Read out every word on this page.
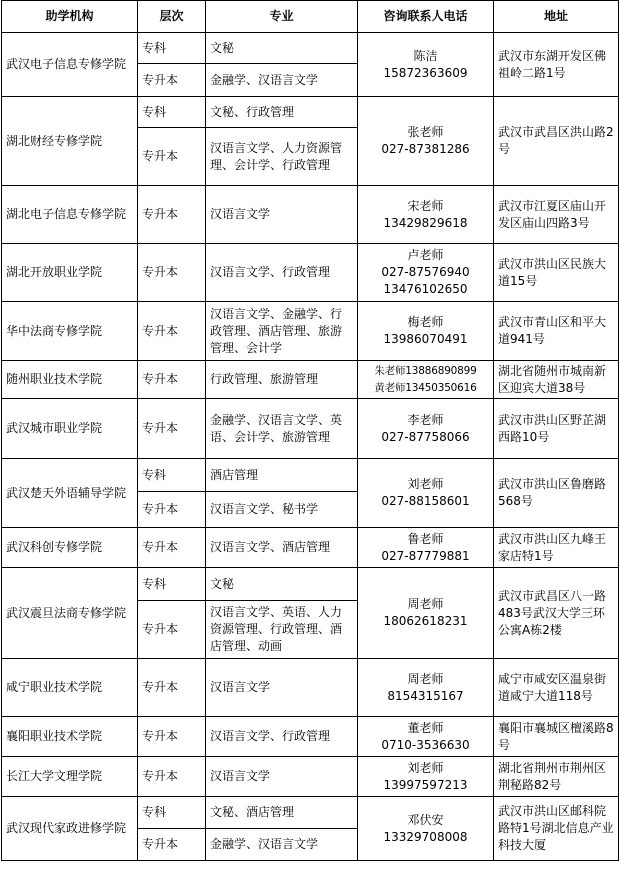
助学机构	层次	专业	咨询联系人电话	地址
武汉电子信息专修学院	专科	文秘	陈洁
15872363609	武汉市东湖开发区佛祖岭二路1号
	专升本	金融学、汉语言文学		
湖北财经专修学院	专科	文秘、行政管理	张老师
027-87381286	武汉市武昌区洪山路2号
	专升本	汉语言文学、人力资源管理、会计学、行政管理		
湖北电子信息专修学院	专升本	汉语言文学	宋老师
13429829618	武汉市江夏区庙山开发区庙山四路3号
湖北开放职业学院	专升本	汉语言文学、行政管理	卢老师
027-87576940
13476102650	武汉市洪山区民族大道15号
华中法商专修学院	专升本	汉语言文学、金融学、行政管理、酒店管理、旅游管理、会计学	梅老师
13986070491	武汉市青山区和平大道941号
随州职业技术学院	专升本	行政管理、旅游管理	朱老师13886890899
黄老师13450350616	湖北省随州市城南新区迎宾大道38号
武汉城市职业学院	专升本	金融学、汉语言文学、英语、会计学、旅游管理	李老师
027-87758066	武汉市洪山区野芷湖西路10号
武汉楚天外语辅导学院	专科	酒店管理	刘老师
027-88158601	武汉市洪山区鲁磨路568号
	专升本	汉语言文学、秘书学		
武汉科创专修学院	专升本	汉语言文学、酒店管理	鲁老师
027-87779881	武汉市洪山区九峰王家店特1号
武汉震旦法商专修学院	专科	文秘	周老师
18062618231	武汉市武昌区八一路483号武汉大学三环公寓A栋2楼
	专升本	汉语言文学、英语、人力资源管理、行政管理、酒店管理、动画		
咸宁职业技术学院	专升本	汉语言文学	周老师
8154315167	咸宁市咸安区温泉街道咸宁大道118号
襄阳职业技术学院	专升本	汉语言文学、行政管理	董老师
0710-3536630	襄阳市襄城区檀溪路8号
长江大学文理学院	专升本	汉语言文学	刘老师
13997597213	湖北省荆州市荆州区荆秘路82号
武汉现代家政进修学院	专科	文秘、酒店管理	邓伏安
13329708008	武汉市洪山区邮科院路特1号湖北信息产业科技大厦
	专升本	金融学、汉语言文学		
